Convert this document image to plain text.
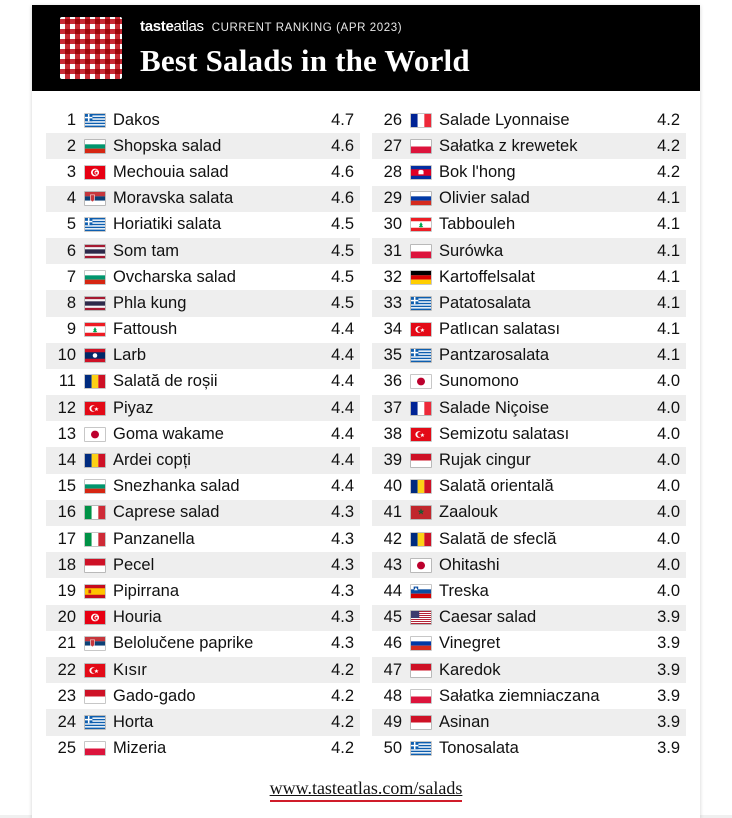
tasteatlas CURRENT RANKING (APR 2023)
Best Salads in the World
1 Dakos	4.7
2 Shopska salad	4.6
3 Mechouia salad	4.6
4 Moravska salata	4.6
5 Horiatiki salata	4.5
6 Som tam	4.5
7 Ovcharska salad	4.5
8 Phla kung	4.5
9 Fattoush	4.4
10 Larb	4.4
11 Salată de roșii	4.4
12 Piyaz	4.4
13 Goma wakame	4.4
14 Ardei copți	4.4
15 Snezhanka salad	4.4
16 Caprese salad	4.3
17 Panzanella	4.3
18 Pecel	4.3
19 Pipirrana	4.3
20 Houria	4.3
21 Belolučene paprike	4.3
22 Kısır	4.2
23 Gado-gado	4.2
24 Horta	4.2
25 Mizeria	4.2
26 Salade Lyonnaise	4.2
27 Sałatka z krewetek	4.2
28 Bok l'hong	4.2
29 Olivier salad	4.1
30 Tabbouleh	4.1
31 Surówka	4.1
32 Kartoffelsalat	4.1
33 Patatosalata	4.1
34 Patlıcan salatası	4.1
35 Pantzarosalata	4.1
36 Sunomono	4.0
37 Salade Niçoise	4.0
38 Semizotu salatası	4.0
39 Rujak cingur	4.0
40 Salată orientală	4.0
41 Zaalouk	4.0
42 Salată de sfeclă	4.0
43 Ohitashi	4.0
44 Treska	4.0
45 Caesar salad	3.9
46 Vinegret	3.9
47 Karedok	3.9
48 Sałatka ziemniaczana	3.9
49 Asinan	3.9
50 Tonosalata	3.9
www.tasteatlas.com/salads
